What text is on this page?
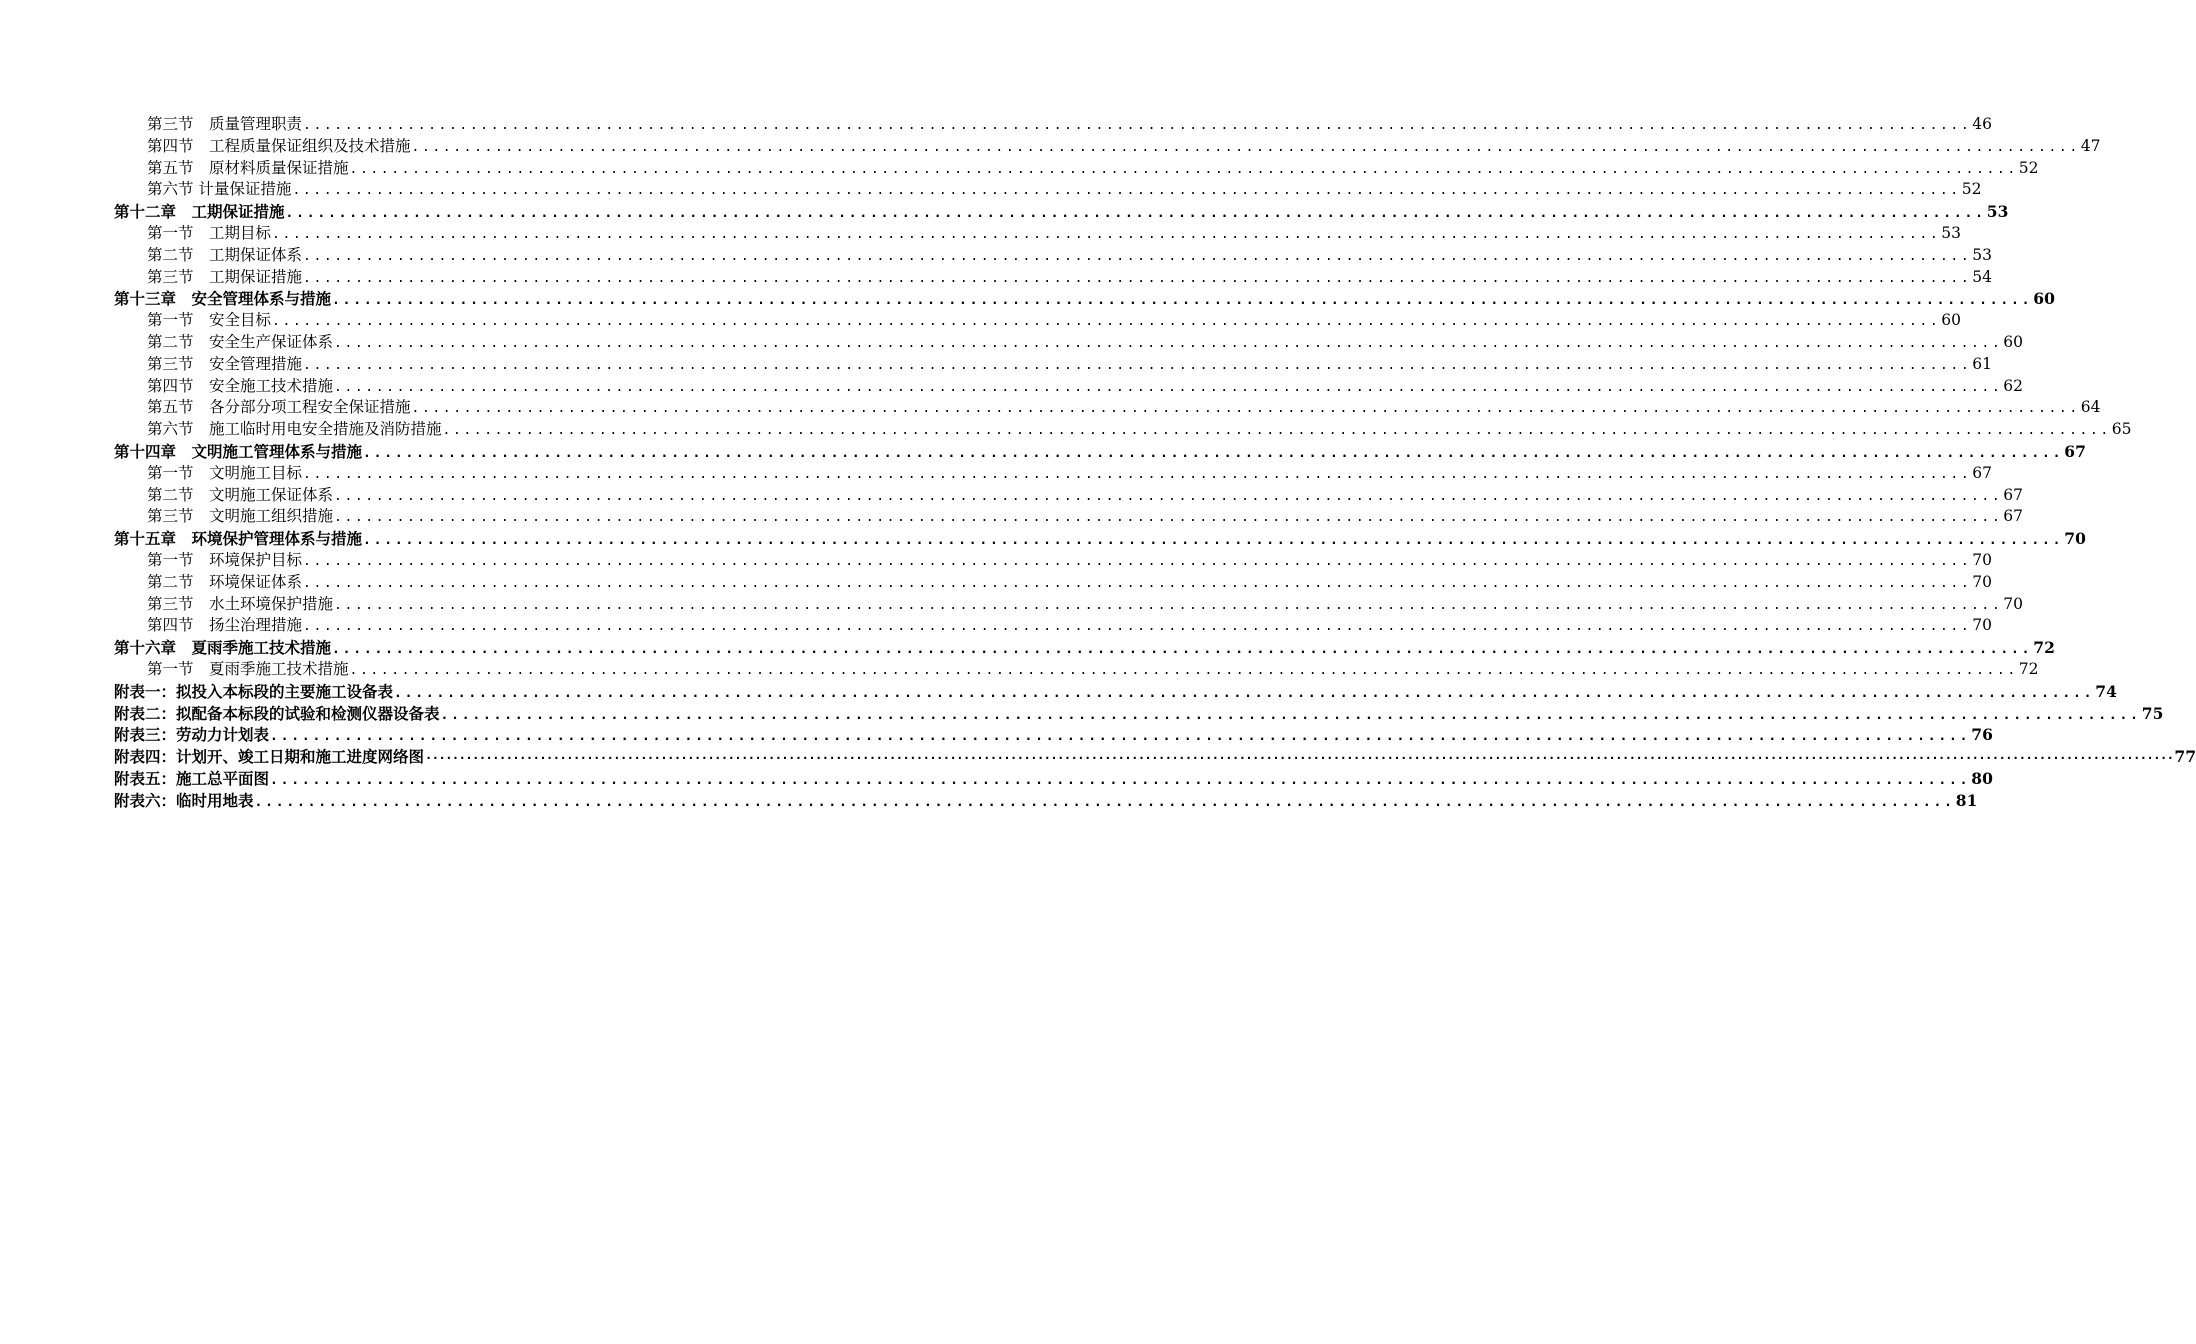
第三节　质量管理职责 ................................................................................................................................................................ 46
第四节　工程质量保证组织及技术措施 ................................................................................................................................................................ 47
第五节　原材料质量保证措施 ................................................................................................................................................................ 52
第六节 计量保证措施 ................................................................................................................................................................ 52
第十二章　工期保证措施 ................................................................................................................................................................ 53
第一节　工期目标 ................................................................................................................................................................ 53
第二节　工期保证体系 ................................................................................................................................................................ 53
第三节　工期保证措施 ................................................................................................................................................................ 54
第十三章　安全管理体系与措施 ................................................................................................................................................................ 60
第一节　安全目标 ................................................................................................................................................................ 60
第二节　安全生产保证体系 ................................................................................................................................................................ 60
第三节　安全管理措施 ................................................................................................................................................................ 61
第四节　安全施工技术措施 ................................................................................................................................................................ 62
第五节　各分部分项工程安全保证措施 ................................................................................................................................................................ 64
第六节　施工临时用电安全措施及消防措施 ................................................................................................................................................................ 65
第十四章　文明施工管理体系与措施 ................................................................................................................................................................ 67
第一节　文明施工目标 ................................................................................................................................................................ 67
第二节　文明施工保证体系 ................................................................................................................................................................ 67
第三节　文明施工组织措施 ................................................................................................................................................................ 67
第十五章　环境保护管理体系与措施 ................................................................................................................................................................ 70
第一节　环境保护目标 ................................................................................................................................................................ 70
第二节　环境保证体系 ................................................................................................................................................................ 70
第三节　水土环境保护措施 ................................................................................................................................................................ 70
第四节　扬尘治理措施 ................................................................................................................................................................ 70
第十六章　夏雨季施工技术措施 ................................................................................................................................................................ 72
第一节　夏雨季施工技术措施 ................................................................................................................................................................ 72
附表一：拟投入本标段的主要施工设备表 ................................................................................................................................................................ 74
附表二：拟配备本标段的试验和检测仪器设备表 ................................................................................................................................................................ 75
附表三：劳动力计划表 ................................................................................................................................................................ 76
附表四：计划开、竣工日期和施工进度网络图 ···································································································································································································································································· 77
附表五：施工总平面图 ................................................................................................................................................................ 80
附表六：临时用地表 ................................................................................................................................................................ 81
